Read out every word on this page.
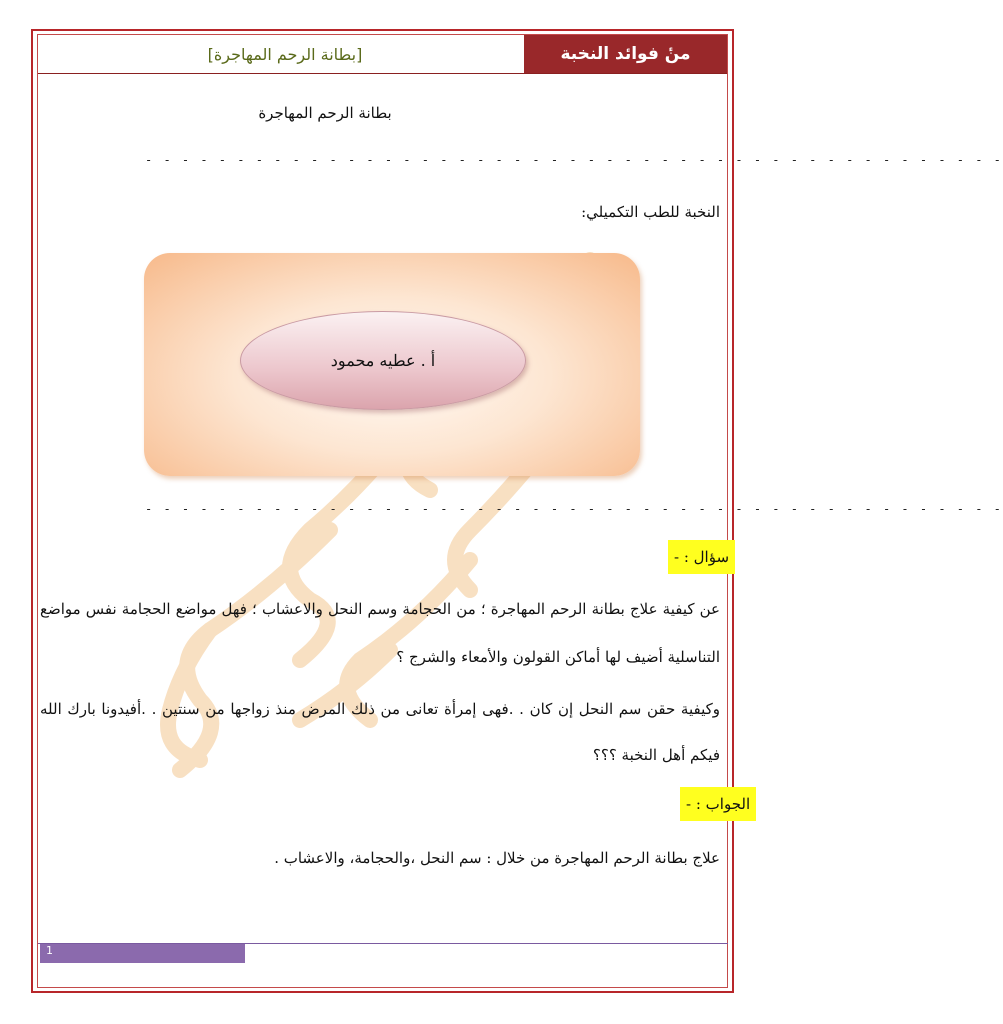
منٔ فوائد النخبة
[بطانة الرحم المهاجرة]
بطانة الرحم المهاجرة
- - - - - - - - - - - - - - - - - - - - - - - - - - - - - - - - - - - - - - - - - - - - - - -
النخبة للطب التكميلي:
أ . عطيه محمود
- - - - - - - - - - - - - - - - - - - - - - - - - - - - - - - - - - - - - - - - - - - - - - -
سؤال : -
عن كيفية علاج بطانة الرحم المهاجرة ؛ من الحجامة وسم النحل والاعشاب ؛ فهل مواضع الحجامة نفس مواضع
التناسلية أضيف لها أماكن القولون والأمعاء والشرج ؟
وكيفية حقن سم النحل إن كان . .فهى إمرأة تعانى من ذلك المرض منذ زواجها من سنتين . .أفيدونا بارك الله
فيكم أهل النخبة ؟؟؟
الجواب : -
علاج بطانة الرحم المهاجرة من خلال : سم النحل ،والحجامة، والاعشاب .
1
